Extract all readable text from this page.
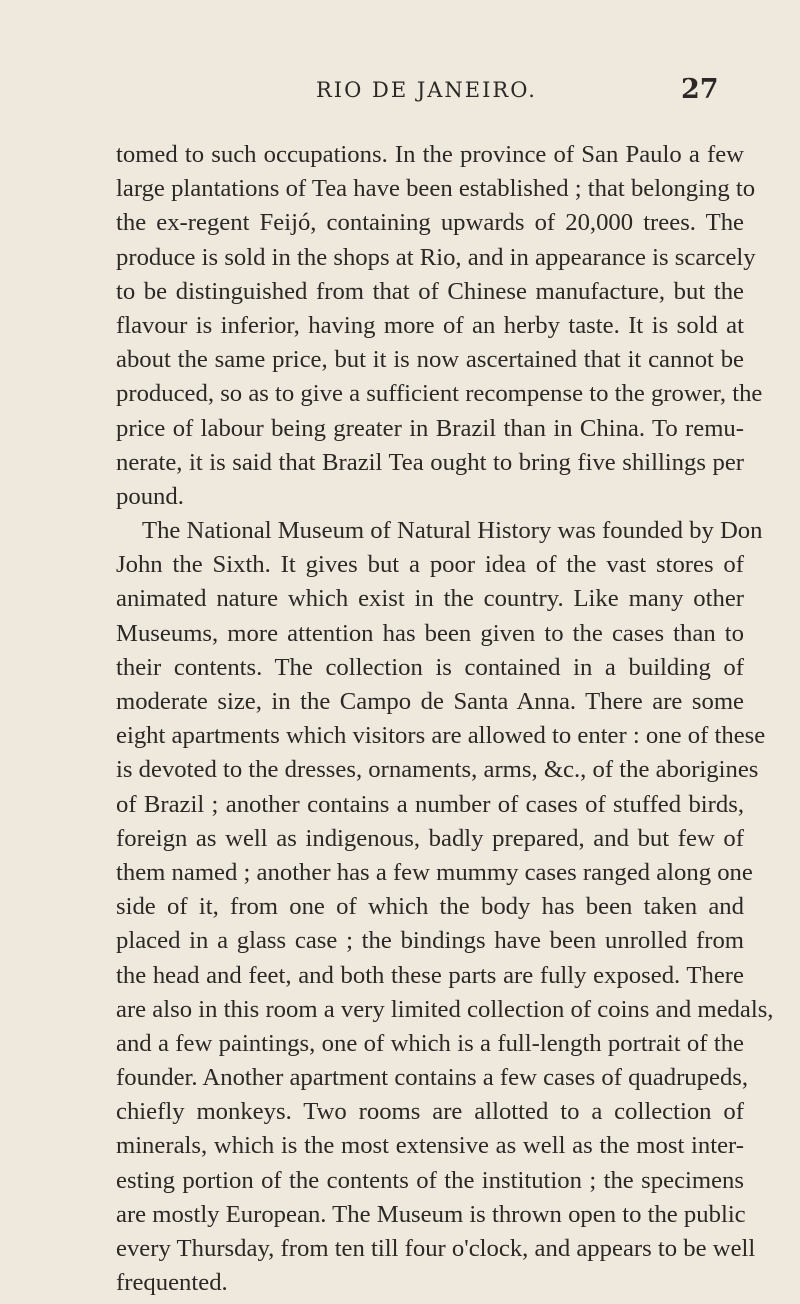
RIO DE JANEIRO.	27
tomed to such occupations. In the province of San Paulo a few
large plantations of Tea have been established ; that belonging to
the ex-regent Feijó, containing upwards of 20,000 trees. The
produce is sold in the shops at Rio, and in appearance is scarcely
to be distinguished from that of Chinese manufacture, but the
flavour is inferior, having more of an herby taste. It is sold at
about the same price, but it is now ascertained that it cannot be
produced, so as to give a sufficient recompense to the grower, the
price of labour being greater in Brazil than in China. To remu-
nerate, it is said that Brazil Tea ought to bring five shillings per
pound.
The National Museum of Natural History was founded by Don
John the Sixth. It gives but a poor idea of the vast stores of
animated nature which exist in the country. Like many other
Museums, more attention has been given to the cases than to
their contents. The collection is contained in a building of
moderate size, in the Campo de Santa Anna. There are some
eight apartments which visitors are allowed to enter : one of these
is devoted to the dresses, ornaments, arms, &c., of the aborigines
of Brazil ; another contains a number of cases of stuffed birds,
foreign as well as indigenous, badly prepared, and but few of
them named ; another has a few mummy cases ranged along one
side of it, from one of which the body has been taken and
placed in a glass case ; the bindings have been unrolled from
the head and feet, and both these parts are fully exposed. There
are also in this room a very limited collection of coins and medals,
and a few paintings, one of which is a full-length portrait of the
founder. Another apartment contains a few cases of quadrupeds,
chiefly monkeys. Two rooms are allotted to a collection of
minerals, which is the most extensive as well as the most inter-
esting portion of the contents of the institution ; the specimens
are mostly European. The Museum is thrown open to the public
every Thursday, from ten till four o'clock, and appears to be well
frequented.
